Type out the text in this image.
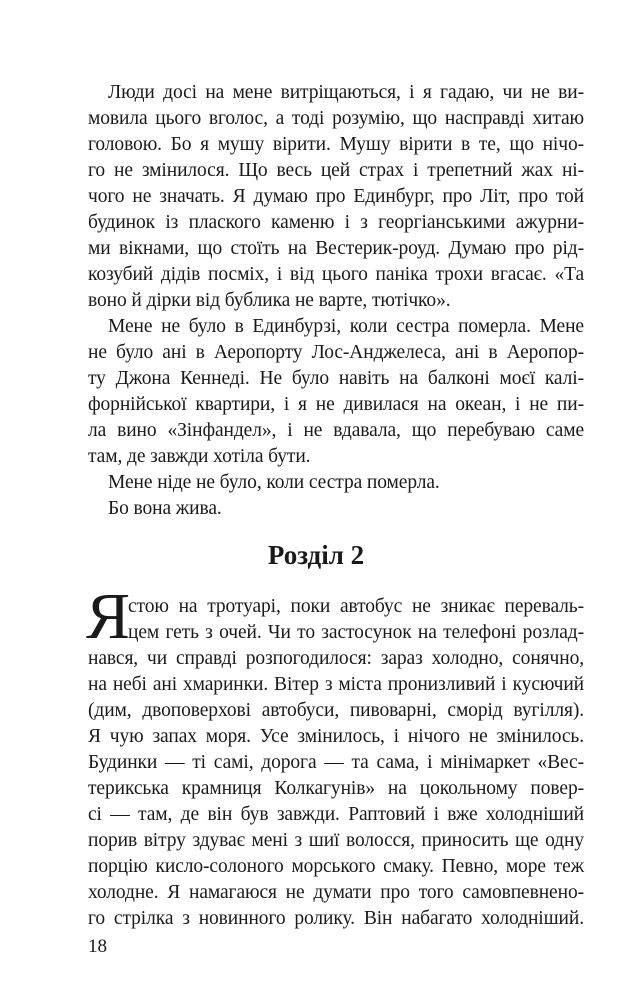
Люди досі на мене витріщаються, і я гадаю, чи не ви-
мовила цього вголос, а тоді розумію, що насправді хитаю
головою. Бо я мушу вірити. Мушу вірити в те, що нічо-
го не змінилося. Що весь цей страх і трепетний жах ні-
чого не значать. Я думаю про Единбург, про Літ, про той
будинок із плаского каменю і з георгіанськими ажурни-
ми вікнами, що стоїть на Вестерик-роуд. Думаю про рід-
козубий дідів посміх, і від цього паніка трохи вгасає. «Та
воно й дірки від бублика не варте, тютічко».
Мене не було в Единбурзі, коли сестра померла. Мене
не було ані в Аеропорту Лос-Анджелеса, ані в Аеропор-
ту Джона Кеннеді. Не було навіть на балконі моєї калі-
форнійської квартири, і я не дивилася на океан, і не пи-
ла вино «Зінфандел», і не вдавала, що перебуваю саме
там, де завжди хотіла бути.
Мене ніде не було, коли сестра померла.
Бо вона жива.
Розділ 2
Я
стою на тротуарі, поки автобус не зникає переваль-
цем геть з очей. Чи то застосунок на телефоні розлад-
нався, чи справді розпогодилося: зараз холодно, сонячно,
на небі ані хмаринки. Вітер з міста пронизливий і кусючий
(дим, двоповерхові автобуси, пивоварні, сморід вугілля).
Я чую запах моря. Усе змінилось, і нічого не змінилось.
Будинки — ті самі, дорога — та сама, і мінімаркет «Вес-
терикська крамниця Колкагунів» на цокольному повер-
сі — там, де він був завжди. Раптовий і вже холодніший
порив вітру здуває мені з шиї волосся, приносить ще одну
порцію кисло-солоного морського смаку. Певно, море теж
холодне. Я намагаюся не думати про того самовпевнено-
го стрілка з новинного ролику. Він набагато холодніший.
18
